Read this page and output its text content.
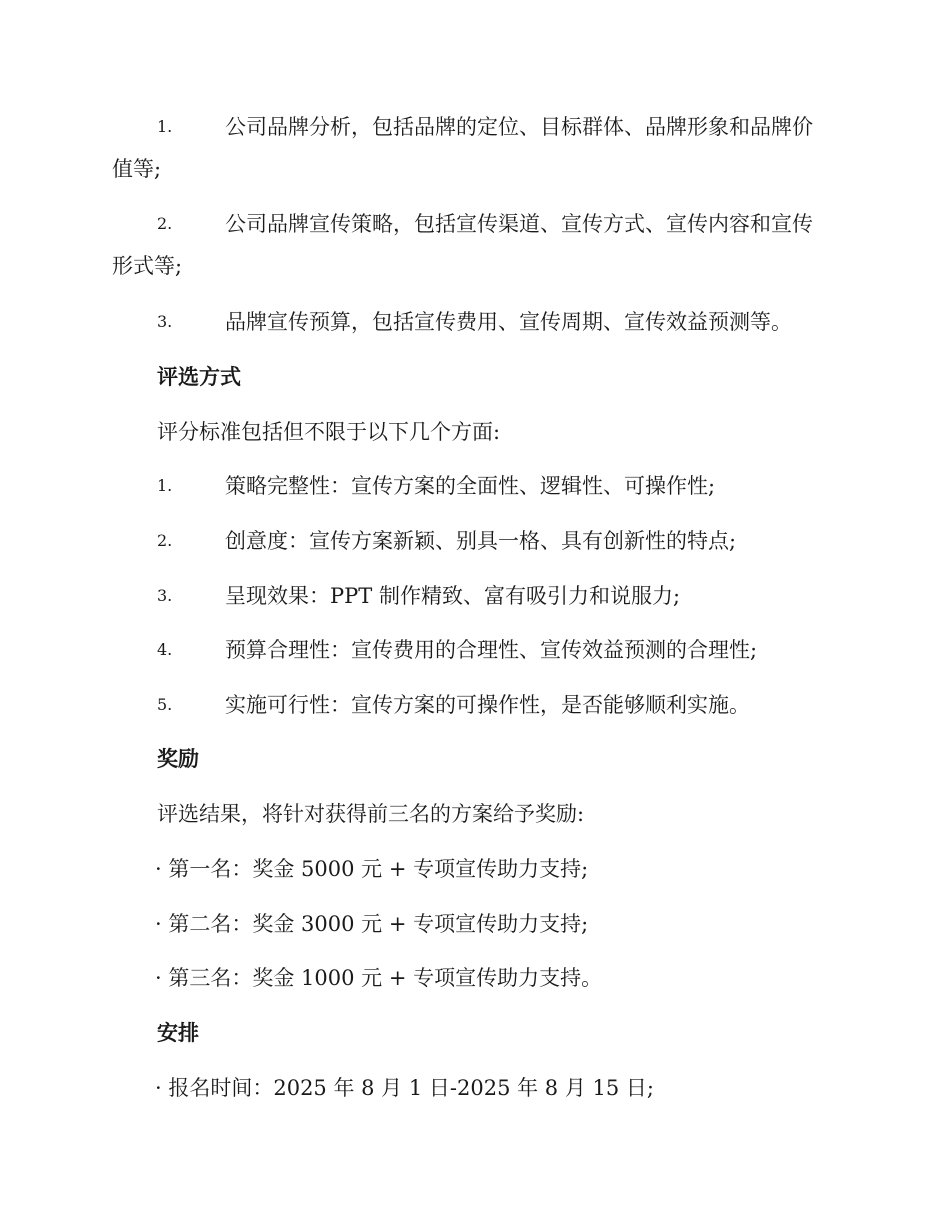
1.	公司品牌分析，包括品牌的定位、目标群体、品牌形象和品牌价
值等;
2.	公司品牌宣传策略，包括宣传渠道、宣传方式、宣传内容和宣传
形式等;
3.	品牌宣传预算，包括宣传费用、宣传周期、宣传效益预测等。
评选方式
评分标准包括但不限于以下几个方面:
1.	策略完整性：宣传方案的全面性、逻辑性、可操作性;
2.	创意度：宣传方案新颖、别具一格、具有创新性的特点;
3.	呈现效果：PPT 制作精致、富有吸引力和说服力;
4.	预算合理性：宣传费用的合理性、宣传效益预测的合理性;
5.	实施可行性：宣传方案的可操作性，是否能够顺利实施。
奖励
评选结果，将针对获得前三名的方案给予奖励:
· 第一名：奖金 5000 元 + 专项宣传助力支持;
· 第二名：奖金 3000 元 + 专项宣传助力支持;
· 第三名：奖金 1000 元 + 专项宣传助力支持。
安排
· 报名时间：2025 年 8 月 1 日-2025 年 8 月 15 日;
